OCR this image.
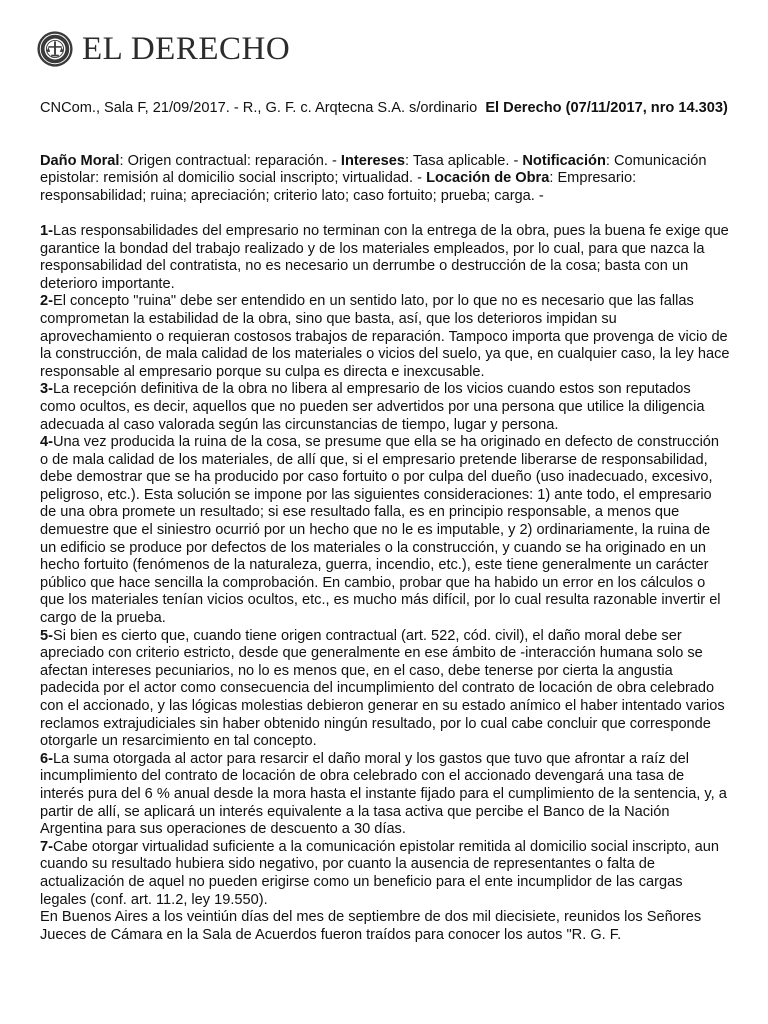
EL DERECHO

CNCom., Sala F, 21/09/2017. - R., G. F. c. Arqtecna S.A. s/ordinario El Derecho (07/11/2017, nro 14.303)

Daño Moral: Origen contractual: reparación. - Intereses: Tasa aplicable. - Notificación: Comunicación epistolar: remisión al domicilio social inscripto; virtualidad. - Locación de Obra: Empresario: responsabilidad; ruina; apreciación; criterio lato; caso fortuito; prueba; carga. -

1-Las responsabilidades del empresario no terminan con la entrega de la obra, pues la buena fe exige que garantice la bondad del trabajo realizado y de los materiales empleados, por lo cual, para que nazca la responsabilidad del contratista, no es necesario un derrumbe o destrucción de la cosa; basta con un deterioro importante.

2-El concepto "ruina" debe ser entendido en un sentido lato, por lo que no es necesario que las fallas comprometan la estabilidad de la obra, sino que basta, así, que los deterioros impidan su aprovechamiento o requieran costosos trabajos de reparación. Tampoco importa que provenga de vicio de la construcción, de mala calidad de los materiales o vicios del suelo, ya que, en cualquier caso, la ley hace responsable al empresario porque su culpa es directa e inexcusable.

3-La recepción definitiva de la obra no libera al empresario de los vicios cuando estos son reputados como ocultos, es decir, aquellos que no pueden ser advertidos por una persona que utilice la diligencia adecuada al caso valorada según las circunstancias de tiempo, lugar y persona.

4-Una vez producida la ruina de la cosa, se presume que ella se ha originado en defecto de construcción o de mala calidad de los materiales, de allí que, si el empresario pretende liberarse de responsabilidad, debe demostrar que se ha producido por caso fortuito o por culpa del dueño (uso inadecuado, excesivo, peligroso, etc.). Esta solución se impone por las siguientes consideraciones: 1) ante todo, el empresario de una obra promete un resultado; si ese resultado falla, es en principio responsable, a menos que demuestre que el siniestro ocurrió por un hecho que no le es imputable, y 2) ordinariamente, la ruina de un edificio se produce por defectos de los materiales o la construcción, y cuando se ha originado en un hecho fortuito (fenómenos de la naturaleza, guerra, incendio, etc.), este tiene generalmente un carácter público que hace sencilla la comprobación. En cambio, probar que ha habido un error en los cálculos o que los materiales tenían vicios ocultos, etc., es mucho más difícil, por lo cual resulta razonable invertir el cargo de la prueba.

5-Si bien es cierto que, cuando tiene origen contractual (art. 522, cód. civil), el daño moral debe ser apreciado con criterio estricto, desde que generalmente en ese ámbito de -interacción humana solo se afectan intereses pecuniarios, no lo es menos que, en el caso, debe tenerse por cierta la angustia padecida por el actor como consecuencia del incumplimiento del contrato de locación de obra celebrado con el accionado, y las lógicas molestias debieron generar en su estado anímico el haber intentado varios reclamos extrajudiciales sin haber obtenido ningún resultado, por lo cual cabe concluir que corresponde otorgarle un resarcimiento en tal concepto.

6-La suma otorgada al actor para resarcir el daño moral y los gastos que tuvo que afrontar a raíz del incumplimiento del contrato de locación de obra celebrado con el accionado devengará una tasa de interés pura del 6 % anual desde la mora hasta el instante fijado para el cumplimiento de la sentencia, y, a partir de allí, se aplicará un interés equivalente a la tasa activa que percibe el Banco de la Nación Argentina para sus operaciones de descuento a 30 días.

7-Cabe otorgar virtualidad suficiente a la comunicación epistolar remitida al domicilio social inscripto, aun cuando su resultado hubiera sido negativo, por cuanto la ausencia de representantes o falta de actualización de aquel no pueden erigirse como un beneficio para el ente incumplidor de las cargas legales (conf. art. 11.2, ley 19.550).

En Buenos Aires a los veintiún días del mes de septiembre de dos mil diecisiete, reunidos los Señores Jueces de Cámara en la Sala de Acuerdos fueron traídos para conocer los autos "R. G. F.
